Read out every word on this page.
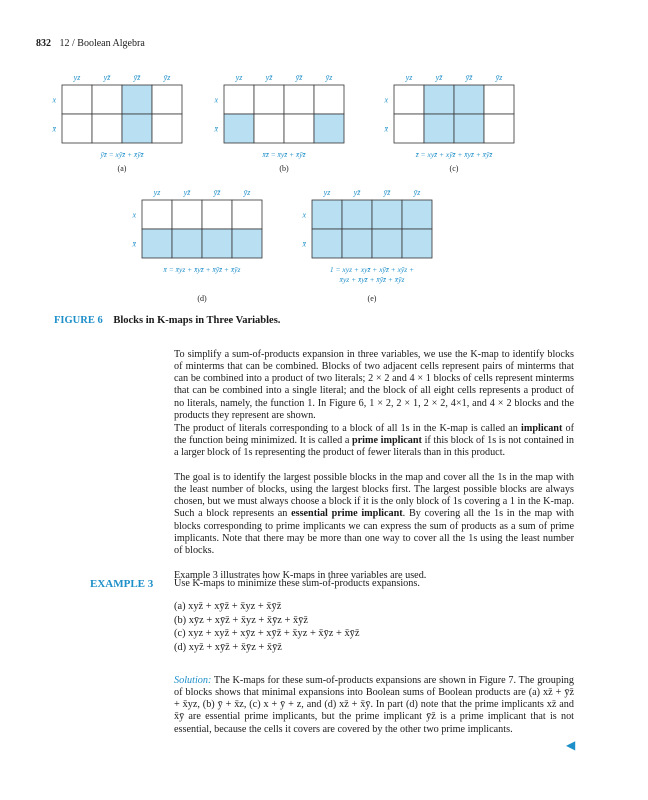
832 12 / Boolean Algebra
yz	yz̄	ȳz̄	ȳz
x
x̄
ȳz̄ = xȳz̄ + x̄ȳz̄
(a)
yz	yz̄	ȳz̄	ȳz
x
x̄
x̄z̄ = x̄yz̄ + x̄ȳz̄
(b)
yz	yz̄	ȳz̄	ȳz
x
x̄
z̄ = xyz̄ + xȳz̄ + x̄yz̄ + x̄ȳz̄
(c)
yz	yz̄	ȳz̄	ȳz
x
x̄
x̄ = x̄yz + x̄yz̄ + x̄ȳz̄ + x̄ȳz
(d)
yz	yz̄	ȳz̄	ȳz
x
x̄
1 = xyz + xyz̄ + xȳz̄ + xȳz +
x̄yz + x̄yz̄ + x̄ȳz̄ + x̄ȳz
(e)
FIGURE 6 Blocks in K-maps in Three Variables.

To simplify a sum-of-products expansion in three variables, we use the K-map to identify blocks of minterms that can be combined. Blocks of two adjacent cells represent pairs of minterms that can be combined into a product of two literals; 2 × 2 and 4 × 1 blocks of cells represent minterms that can be combined into a single literal; and the block of all eight cells represents a product of no literals, namely, the function 1. In Figure 6, 1 × 2, 2 × 1, 2 × 2, 4×1, and 4 × 2 blocks and the products they represent are shown.

The product of literals corresponding to a block of all 1s in the K-map is called an implicant of the function being minimized. It is called a prime implicant if this block of 1s is not contained in a larger block of 1s representing the product of fewer literals than in this product.

The goal is to identify the largest possible blocks in the map and cover all the 1s in the map with the least number of blocks, using the largest blocks first. The largest possible blocks are always chosen, but we must always choose a block if it is the only block of 1s covering a 1 in the K-map. Such a block represents an essential prime implicant. By covering all the 1s in the map with blocks corresponding to prime implicants we can express the sum of products as a sum of prime implicants. Note that there may be more than one way to cover all the 1s using the least number of blocks.

Example 3 illustrates how K-maps in three variables are used.

EXAMPLE 3 Use K-maps to minimize these sum-of-products expansions.
(a) xyz̄ + xȳz̄ + x̄yz + x̄ȳz̄
(b) xȳz + xȳz̄ + x̄yz + x̄ȳz + x̄ȳz̄
(c) xyz + xyz̄ + xȳz + xȳz̄ + x̄yz + x̄ȳz + x̄ȳz̄
(d) xyz̄ + xȳz̄ + x̄ȳz + x̄ȳz̄

Solution: The K-maps for these sum-of-products expansions are shown in Figure 7. The grouping of blocks shows that minimal expansions into Boolean sums of Boolean products are (a) xz̄ + ȳz̄ + x̄yz, (b) ȳ + x̄z, (c) x + ȳ + z, and (d) xz̄ + x̄ȳ. In part (d) note that the prime implicants xz̄ and x̄ȳ are essential prime implicants, but the prime implicant ȳz̄ is a prime implicant that is not essential, because the cells it covers are covered by the other two prime implicants.

◀
